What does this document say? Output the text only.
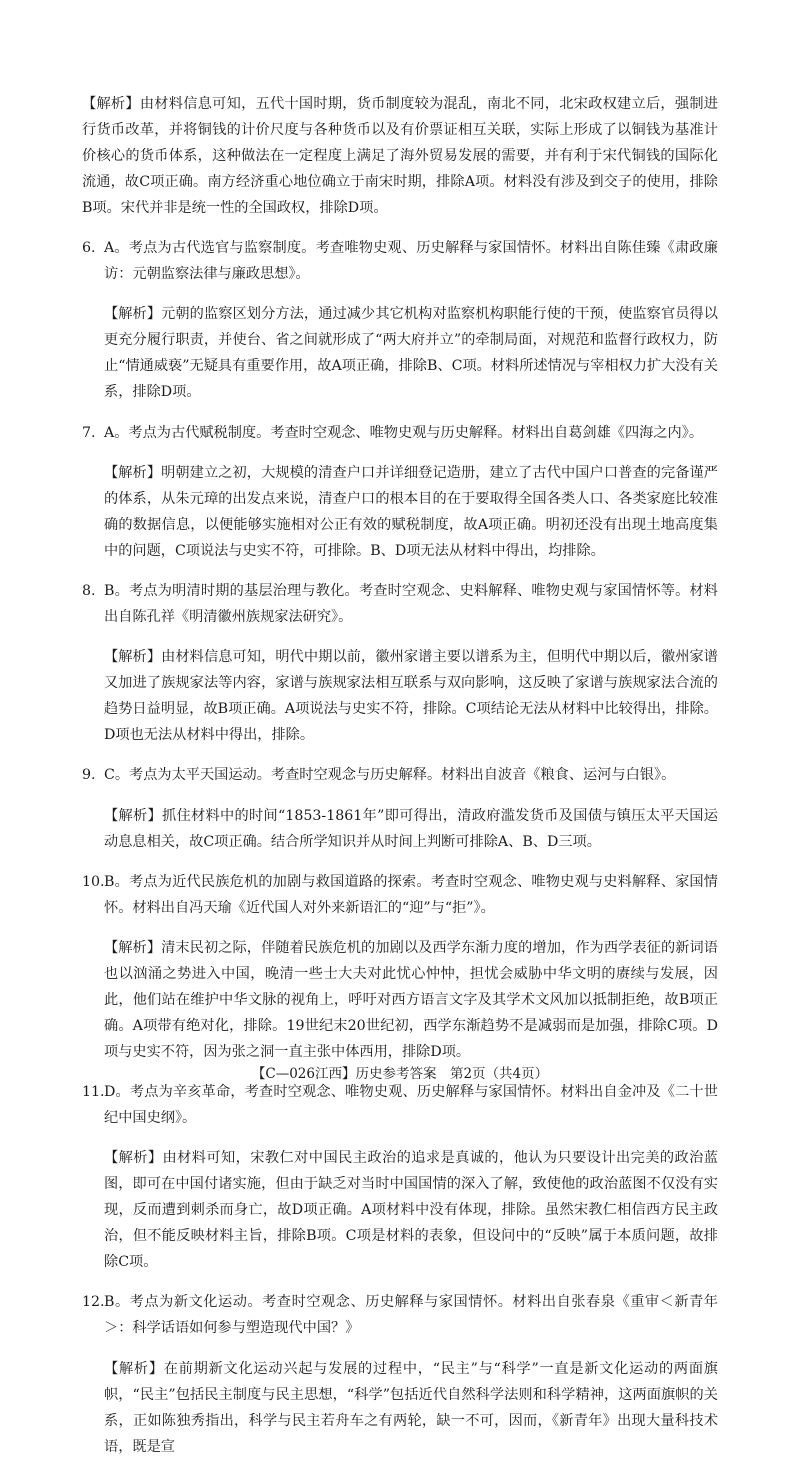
【解析】由材料信息可知，五代十国时期，货币制度较为混乱，南北不同，北宋政权建立后，强制进行货币改革，并将铜钱的计价尺度与各种货币以及有价票证相互关联，实际上形成了以铜钱为基准计价核心的货币体系，这种做法在一定程度上满足了海外贸易发展的需要，并有利于宋代铜钱的国际化流通，故C项正确。南方经济重心地位确立于南宋时期，排除A项。材料没有涉及到交子的使用，排除B项。宋代并非是统一性的全国政权，排除D项。

6. A。考点为古代选官与监察制度。考查唯物史观、历史解释与家国情怀。材料出自陈佳臻《肃政廉访：元朝监察法律与廉政思想》。

【解析】元朝的监察区划分方法，通过减少其它机构对监察机构职能行使的干预，使监察官员得以更充分履行职责，并使台、省之间就形成了“两大府并立”的牵制局面，对规范和监督行政权力，防止“情通威亵”无疑具有重要作用，故A项正确，排除B、C项。材料所述情况与宰相权力扩大没有关系，排除D项。

7. A。考点为古代赋税制度。考查时空观念、唯物史观与历史解释。材料出自葛剑雄《四海之内》。

【解析】明朝建立之初，大规模的清查户口并详细登记造册，建立了古代中国户口普查的完备谨严的体系，从朱元璋的出发点来说，清查户口的根本目的在于要取得全国各类人口、各类家庭比较准确的数据信息，以便能够实施相对公正有效的赋税制度，故A项正确。明初还没有出现土地高度集中的问题，C项说法与史实不符，可排除。B、D项无法从材料中得出，均排除。

8. B。考点为明清时期的基层治理与教化。考查时空观念、史料解释、唯物史观与家国情怀等。材料出自陈孔祥《明清徽州族规家法研究》。

【解析】由材料信息可知，明代中期以前，徽州家谱主要以谱系为主，但明代中期以后，徽州家谱又加进了族规家法等内容，家谱与族规家法相互联系与双向影响，这反映了家谱与族规家法合流的趋势日益明显，故B项正确。A项说法与史实不符，排除。C项结论无法从材料中比较得出，排除。D项也无法从材料中得出，排除。

9. C。考点为太平天国运动。考查时空观念与历史解释。材料出自波音《粮食、运河与白银》。

【解析】抓住材料中的时间“1853-1861年”即可得出，清政府滥发货币及国债与镇压太平天国运动息息相关，故C项正确。结合所学知识并从时间上判断可排除A、B、D三项。

10.B。考点为近代民族危机的加剧与救国道路的探索。考查时空观念、唯物史观与史料解释、家国情怀。材料出自冯天瑜《近代国人对外来新语汇的“迎”与“拒”》。

【解析】清末民初之际，伴随着民族危机的加剧以及西学东渐力度的增加，作为西学表征的新词语也以汹涌之势进入中国，晚清一些士大夫对此忧心忡忡，担忧会威胁中华文明的赓续与发展，因此，他们站在维护中华文脉的视角上，呼吁对西方语言文字及其学术文风加以抵制拒绝，故B项正确。A项带有绝对化，排除。19世纪末20世纪初，西学东渐趋势不是减弱而是加强，排除C项。D项与史实不符，因为张之洞一直主张中体西用，排除D项。

11.D。考点为辛亥革命，考查时空观念、唯物史观、历史解释与家国情怀。材料出自金冲及《二十世纪中国史纲》。

【解析】由材料可知，宋教仁对中国民主政治的追求是真诚的，他认为只要设计出完美的政治蓝图，即可在中国付诸实施，但由于缺乏对当时中国国情的深入了解，致使他的政治蓝图不仅没有实现，反而遭到刺杀而身亡，故D项正确。A项材料中没有体现，排除。虽然宋教仁相信西方民主政治，但不能反映材料主旨，排除B项。C项是材料的表象，但设问中的“反映”属于本质问题，故排除C项。

12.B。考点为新文化运动。考查时空观念、历史解释与家国情怀。材料出自张春泉《重审＜新青年＞：科学话语如何参与塑造现代中国？》

【解析】在前期新文化运动兴起与发展的过程中，“民主”与“科学”一直是新文化运动的两面旗帜，“民主”包括民主制度与民主思想，“科学”包括近代自然科学法则和科学精神，这两面旗帜的关系，正如陈独秀指出，科学与民主若舟车之有两轮，缺一不可，因而，《新青年》出现大量科技术语，既是宣

【C—026江西】历史参考答案　第2页（共4页）
